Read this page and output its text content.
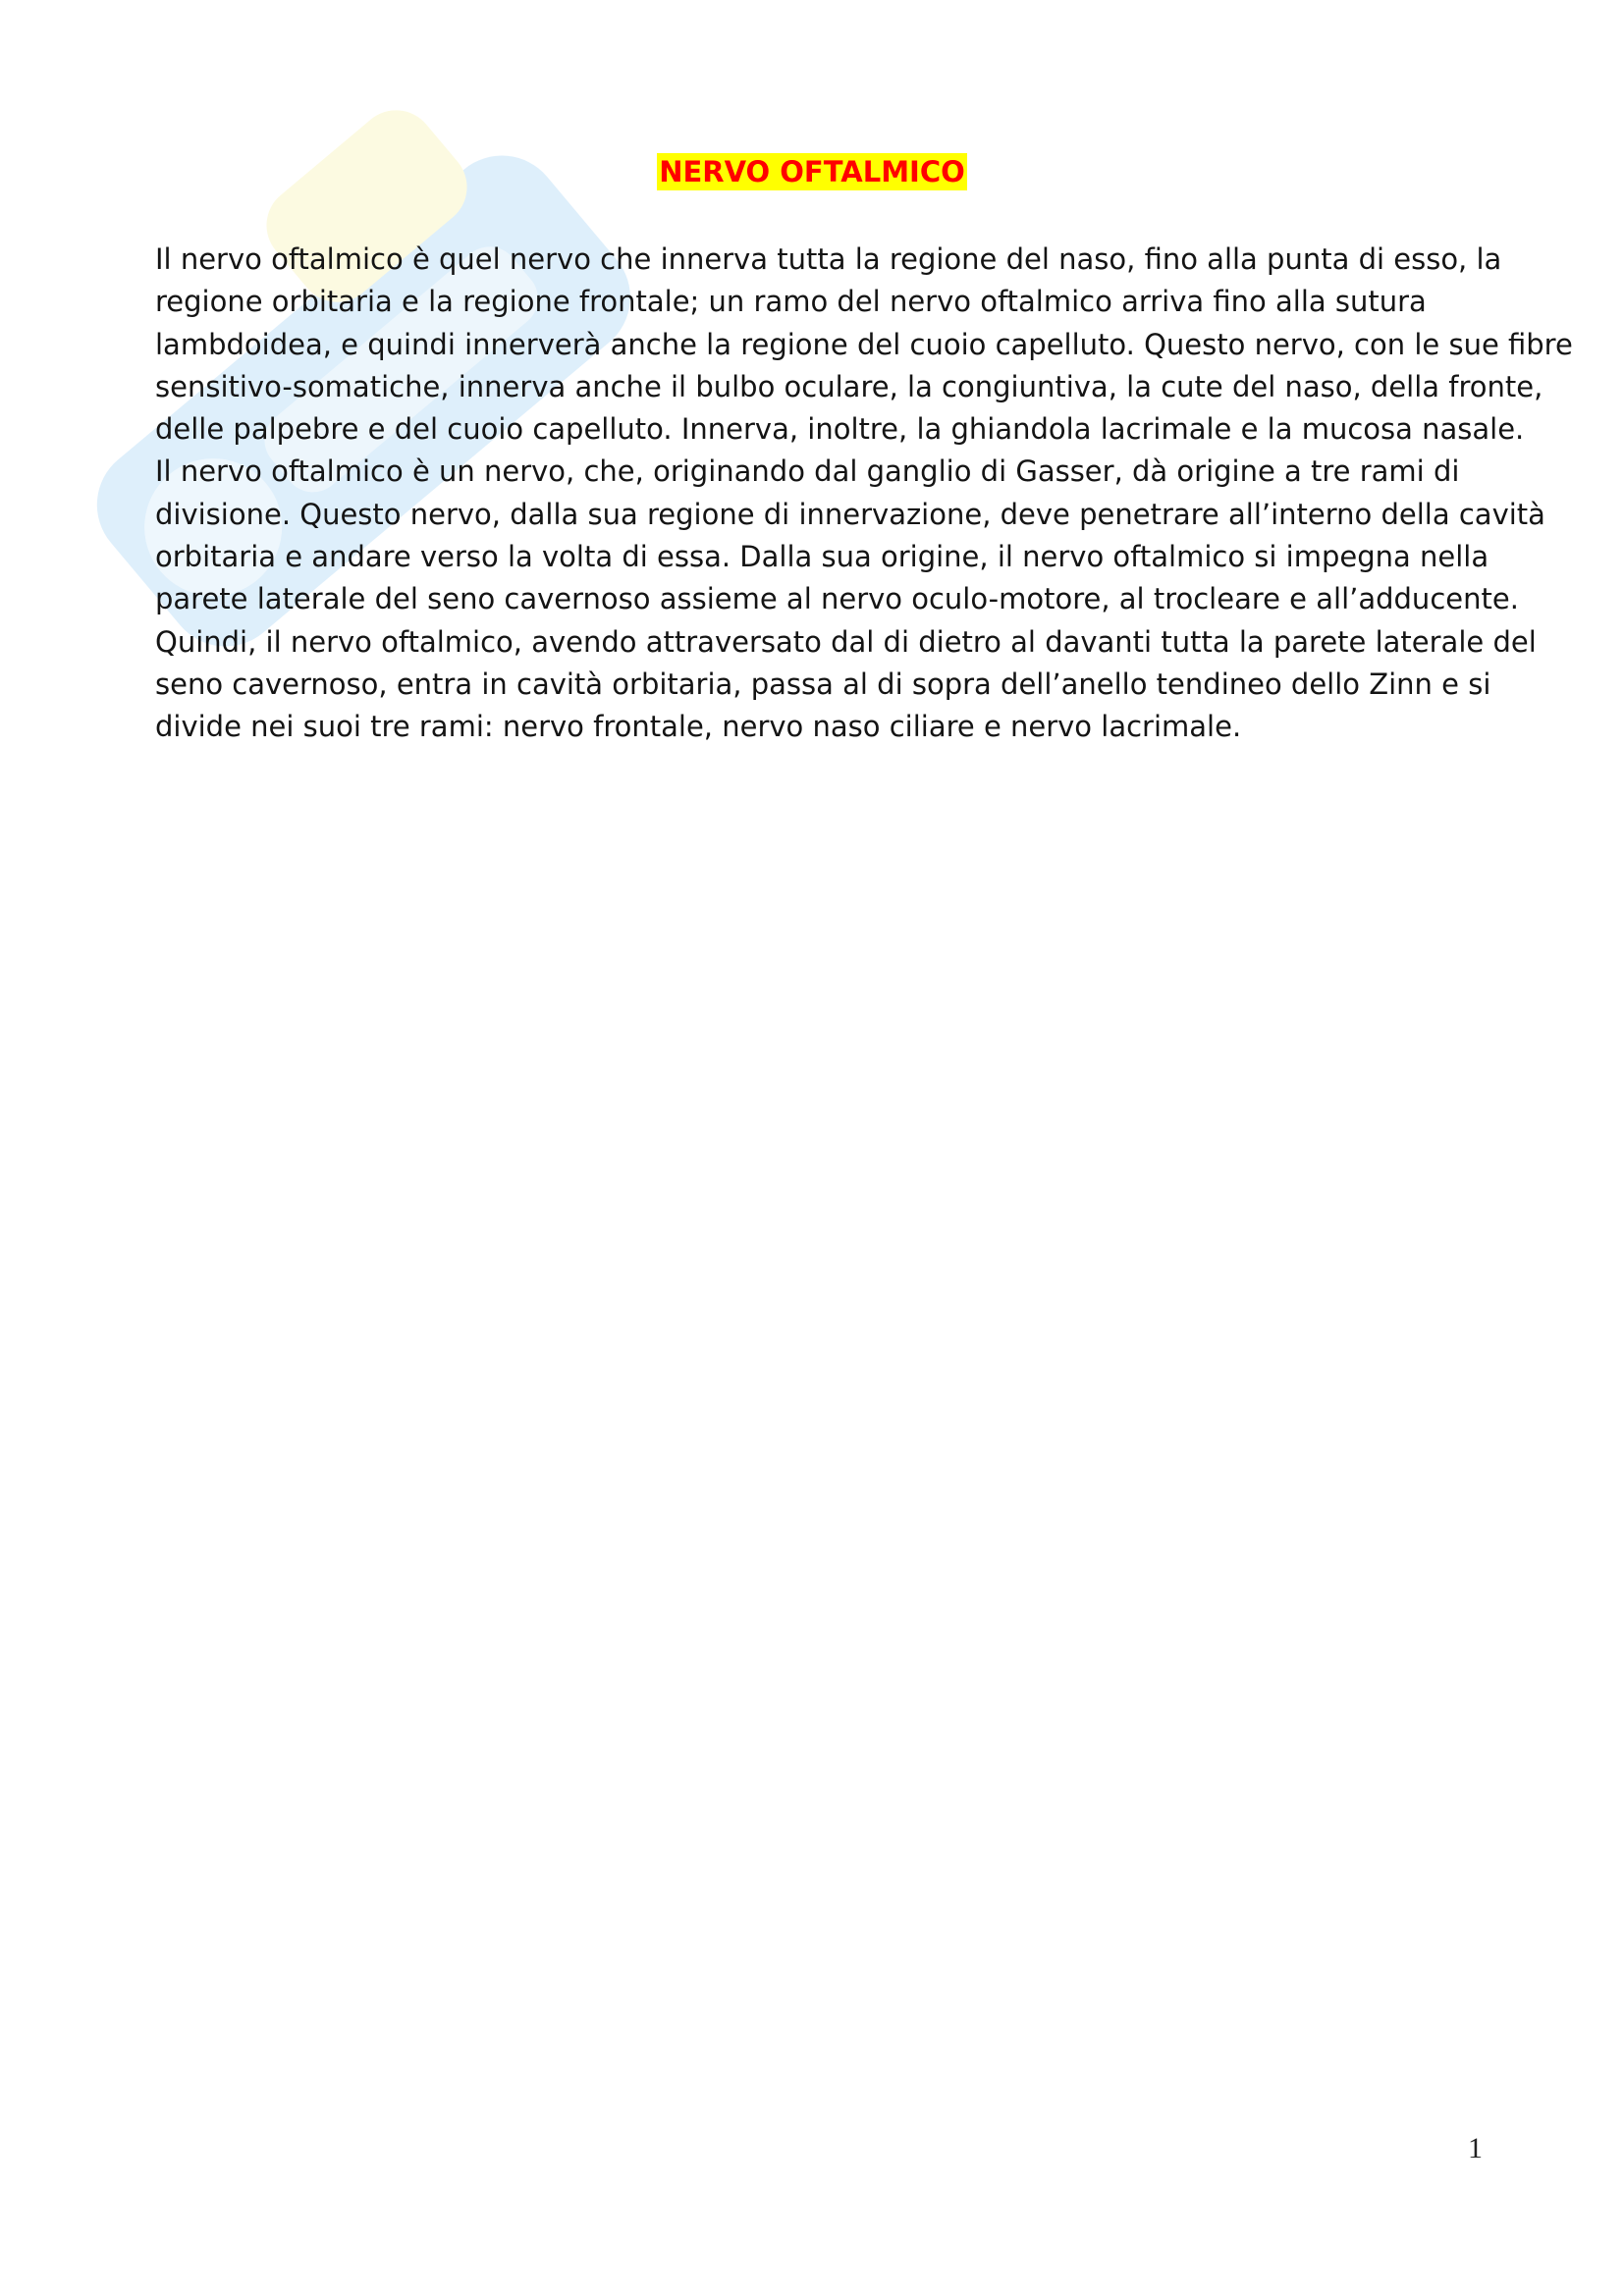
NERVO OFTALMICO

Il nervo oftalmico è quel nervo che innerva tutta la regione del naso, fino alla punta di esso, la
regione orbitaria e la regione frontale; un ramo del nervo oftalmico arriva fino alla sutura
lambdoidea, e quindi innerverà anche la regione del cuoio capelluto. Questo nervo, con le sue fibre
sensitivo-somatiche, innerva anche il bulbo oculare, la congiuntiva, la cute del naso, della fronte,
delle palpebre e del cuoio capelluto. Innerva, inoltre, la ghiandola lacrimale e la mucosa nasale.
Il nervo oftalmico è un nervo, che, originando dal ganglio di Gasser, dà origine a tre rami di
divisione. Questo nervo, dalla sua regione di innervazione, deve penetrare all’interno della cavità
orbitaria e andare verso la volta di essa. Dalla sua origine, il nervo oftalmico si impegna nella
parete laterale del seno cavernoso assieme al nervo oculo-motore, al trocleare e all’adducente.
Quindi, il nervo oftalmico, avendo attraversato dal di dietro al davanti tutta la parete laterale del
seno cavernoso, entra in cavità orbitaria, passa al di sopra dell’anello tendineo dello Zinn e si
divide nei suoi tre rami: nervo frontale, nervo naso ciliare e nervo lacrimale.

1
